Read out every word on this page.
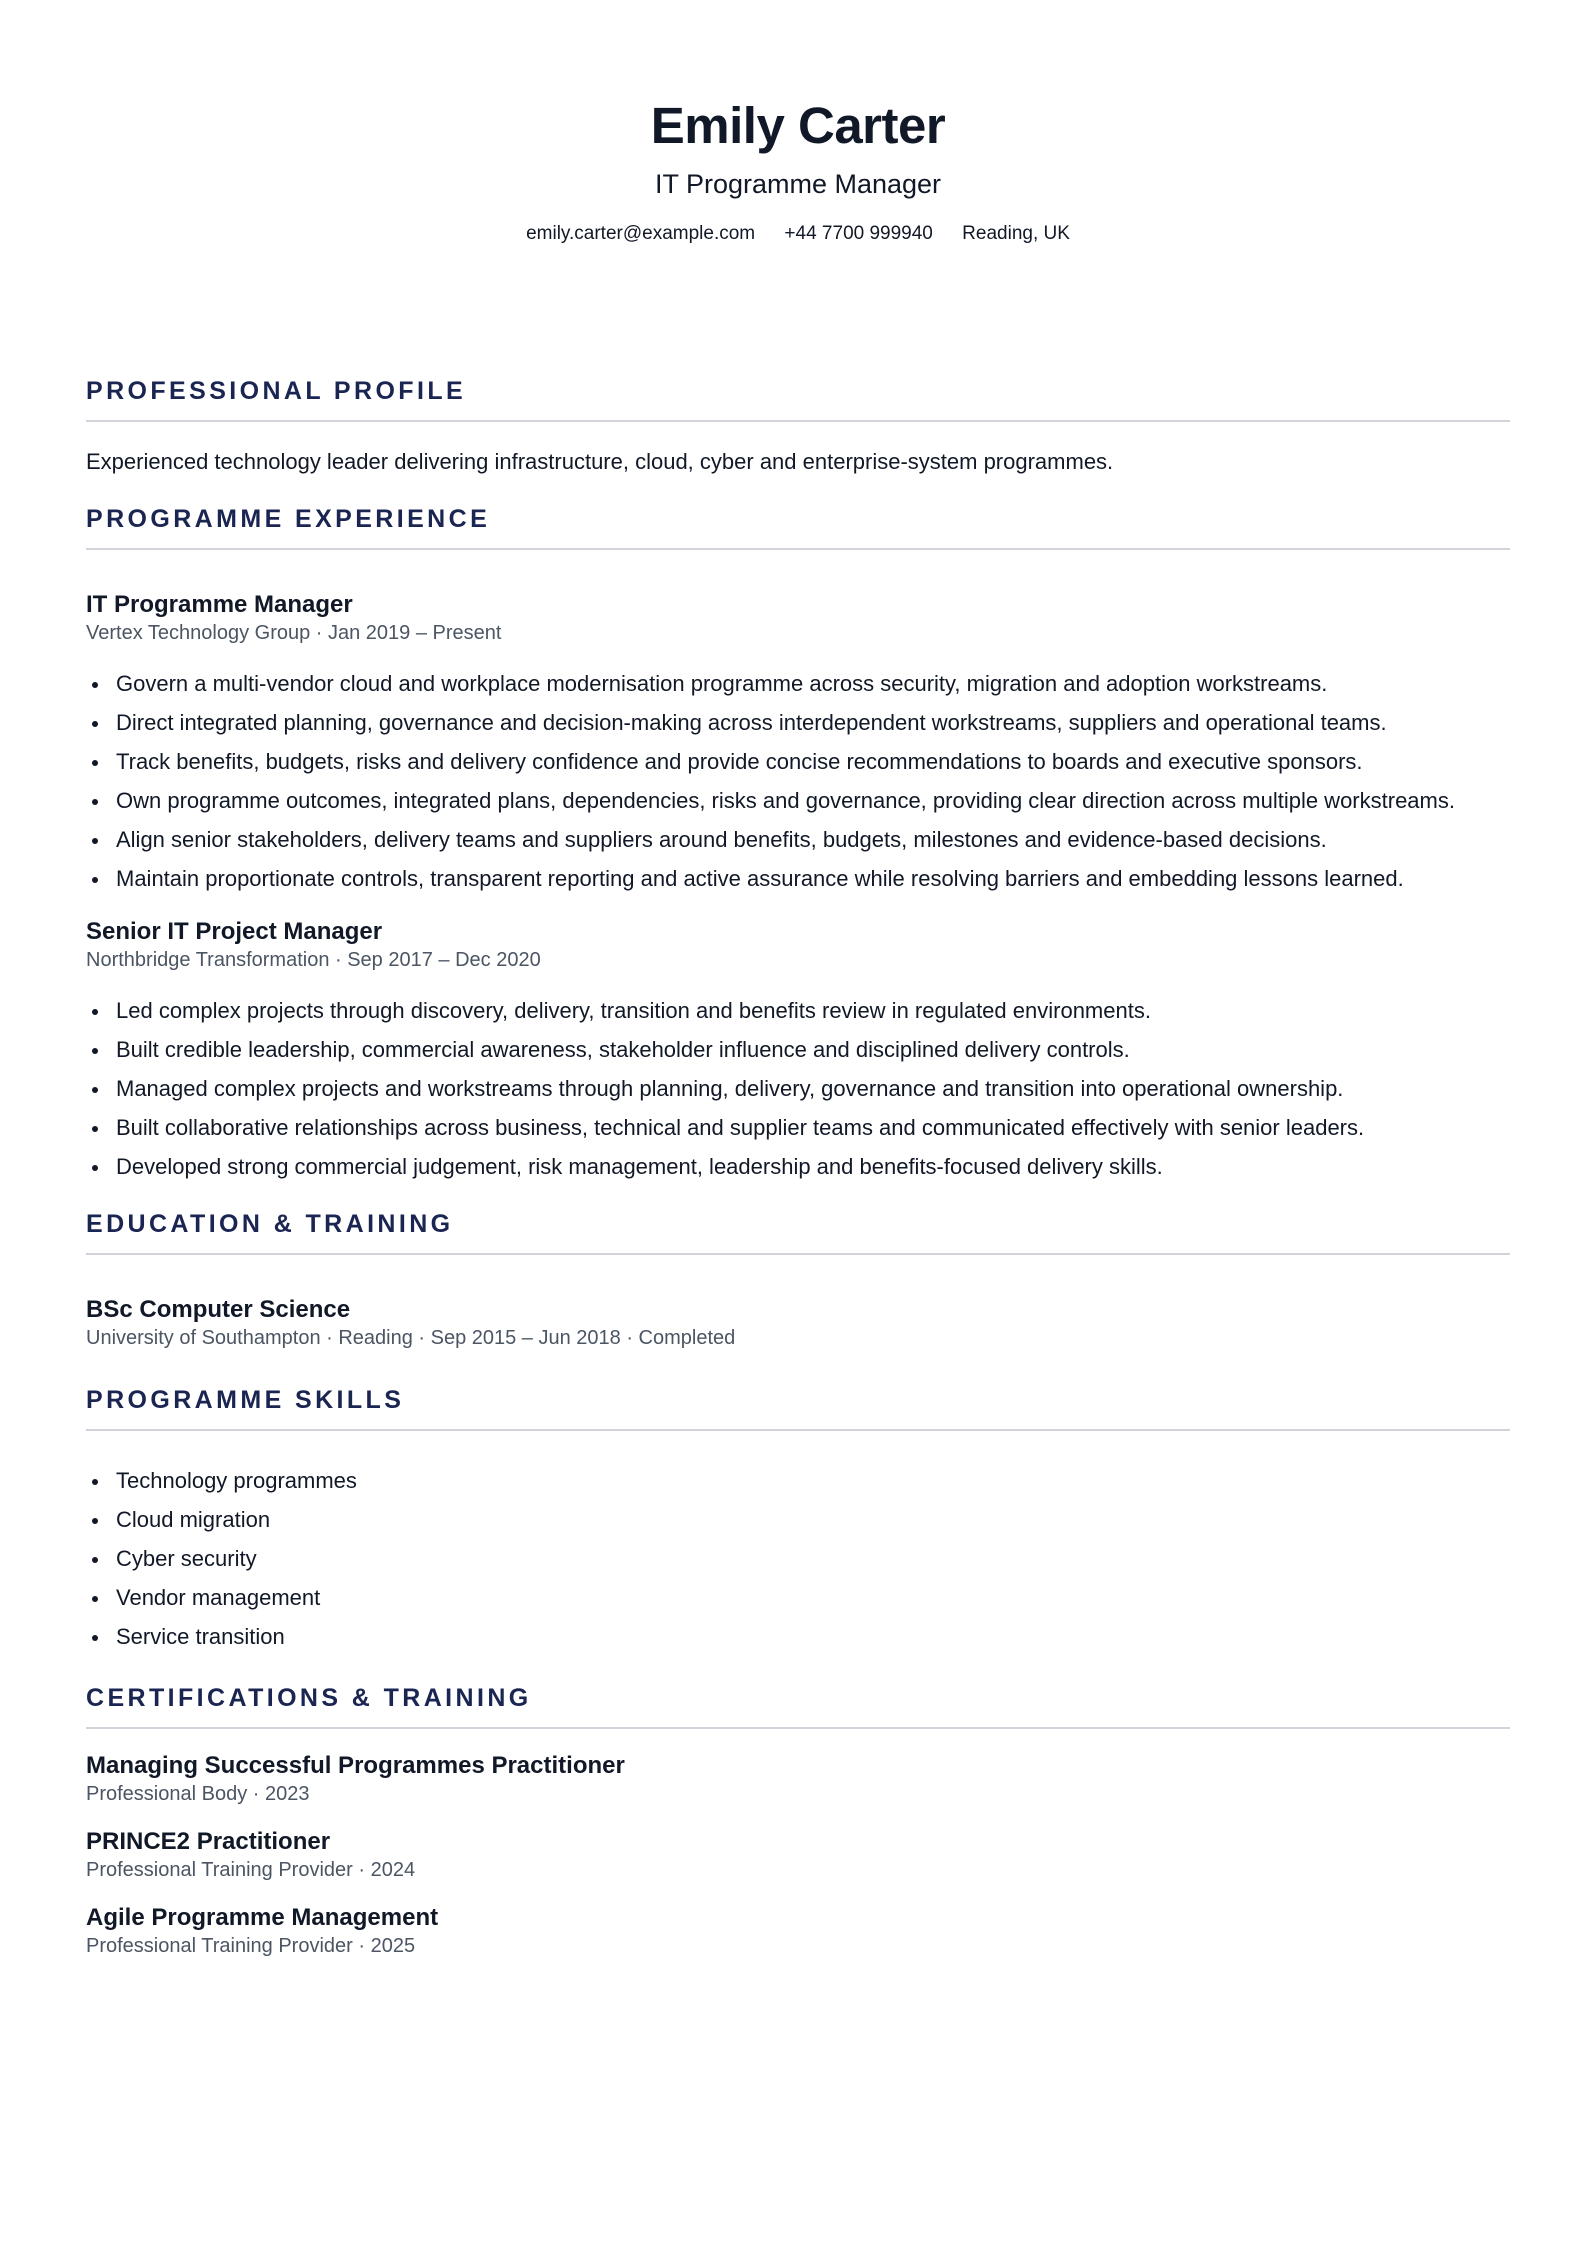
Emily Carter
IT Programme Manager
emily.carter@example.com +44 7700 999940 Reading, UK
PROFESSIONAL PROFILE
Experienced technology leader delivering infrastructure, cloud, cyber and enterprise-system programmes.
PROGRAMME EXPERIENCE
IT Programme Manager
Vertex Technology Group · Jan 2019 – Present
Govern a multi-vendor cloud and workplace modernisation programme across security, migration and adoption workstreams.
Direct integrated planning, governance and decision-making across interdependent workstreams, suppliers and operational teams.
Track benefits, budgets, risks and delivery confidence and provide concise recommendations to boards and executive sponsors.
Own programme outcomes, integrated plans, dependencies, risks and governance, providing clear direction across multiple workstreams.
Align senior stakeholders, delivery teams and suppliers around benefits, budgets, milestones and evidence-based decisions.
Maintain proportionate controls, transparent reporting and active assurance while resolving barriers and embedding lessons learned.
Senior IT Project Manager
Northbridge Transformation · Sep 2017 – Dec 2020
Led complex projects through discovery, delivery, transition and benefits review in regulated environments.
Built credible leadership, commercial awareness, stakeholder influence and disciplined delivery controls.
Managed complex projects and workstreams through planning, delivery, governance and transition into operational ownership.
Built collaborative relationships across business, technical and supplier teams and communicated effectively with senior leaders.
Developed strong commercial judgement, risk management, leadership and benefits-focused delivery skills.
EDUCATION & TRAINING
BSc Computer Science
University of Southampton · Reading · Sep 2015 – Jun 2018 · Completed
PROGRAMME SKILLS
Technology programmes
Cloud migration
Cyber security
Vendor management
Service transition
CERTIFICATIONS & TRAINING
Managing Successful Programmes Practitioner
Professional Body · 2023
PRINCE2 Practitioner
Professional Training Provider · 2024
Agile Programme Management
Professional Training Provider · 2025
